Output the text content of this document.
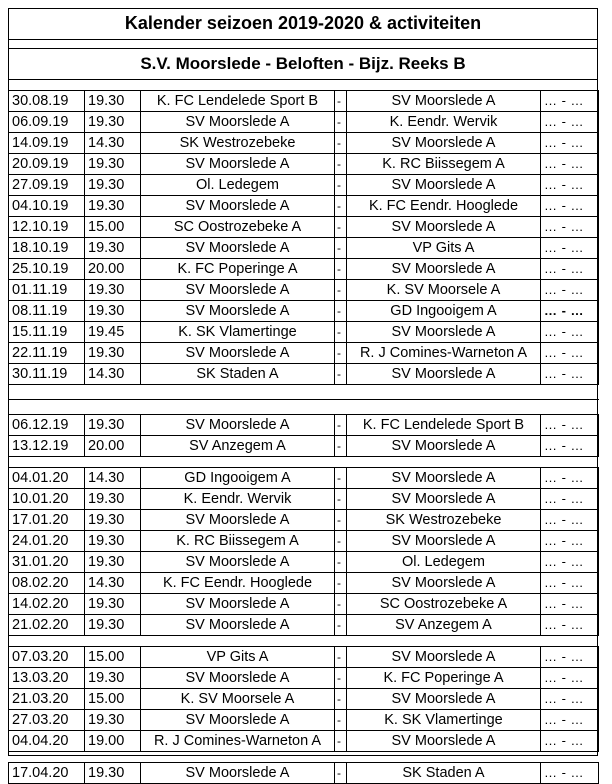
Kalender seizoen 2019-2020 & activiteiten
S.V. Moorslede - Beloften - Bijz. Reeks B
30.08.19	19.30	K. FC Lendelede Sport B	-	SV Moorslede A	… - …
06.09.19	19.30	SV Moorslede A	-	K. Eendr. Wervik	… - …
14.09.19	14.30	SK Westrozebeke	-	SV Moorslede A	… - …
20.09.19	19.30	SV Moorslede A	-	K. RC Biissegem A	… - …
27.09.19	19.30	Ol. Ledegem	-	SV Moorslede A	… - …
04.10.19	19.30	SV Moorslede A	-	K. FC Eendr. Hooglede	… - …
12.10.19	15.00	SC Oostrozebeke A	-	SV Moorslede A	… - …
18.10.19	19.30	SV Moorslede A	-	VP Gits A	… - …
25.10.19	20.00	K. FC Poperinge A	-	SV Moorslede A	… - …
01.11.19	19.30	SV Moorslede A	-	K. SV Moorsele A	… - …
08.11.19	19.30	SV Moorslede A	-	GD Ingooigem A	… - …
15.11.19	19.45	K. SK Vlamertinge	-	SV Moorslede A	… - …
22.11.19	19.30	SV Moorslede A	-	R. J Comines-Warneton A	… - …
30.11.19	14.30	SK Staden A	-	SV Moorslede A	… - …

06.12.19	19.30	SV Moorslede A	-	K. FC Lendelede Sport B	… - …
13.12.19	20.00	SV Anzegem A	-	SV Moorslede A	… - …

04.01.20	14.30	GD Ingooigem A	-	SV Moorslede A	… - …
10.01.20	19.30	K. Eendr. Wervik	-	SV Moorslede A	… - …
17.01.20	19.30	SV Moorslede A	-	SK Westrozebeke	… - …
24.01.20	19.30	K. RC Biissegem A	-	SV Moorslede A	… - …
31.01.20	19.30	SV Moorslede A	-	Ol. Ledegem	… - …
08.02.20	14.30	K. FC Eendr. Hooglede	-	SV Moorslede A	… - …
14.02.20	19.30	SV Moorslede A	-	SC Oostrozebeke A	… - …
21.02.20	19.30	SV Moorslede A	-	SV Anzegem A	… - …

07.03.20	15.00	VP Gits A	-	SV Moorslede A	… - …
13.03.20	19.30	SV Moorslede A	-	K. FC Poperinge A	… - …
21.03.20	15.00	K. SV Moorsele A	-	SV Moorslede A	… - …
27.03.20	19.30	SV Moorslede A	-	K. SK Vlamertinge	… - …
04.04.20	19.00	R. J Comines-Warneton A	-	SV Moorslede A	… - …

17.04.20	19.30	SV Moorslede A	-	SK Staden A	… - …
